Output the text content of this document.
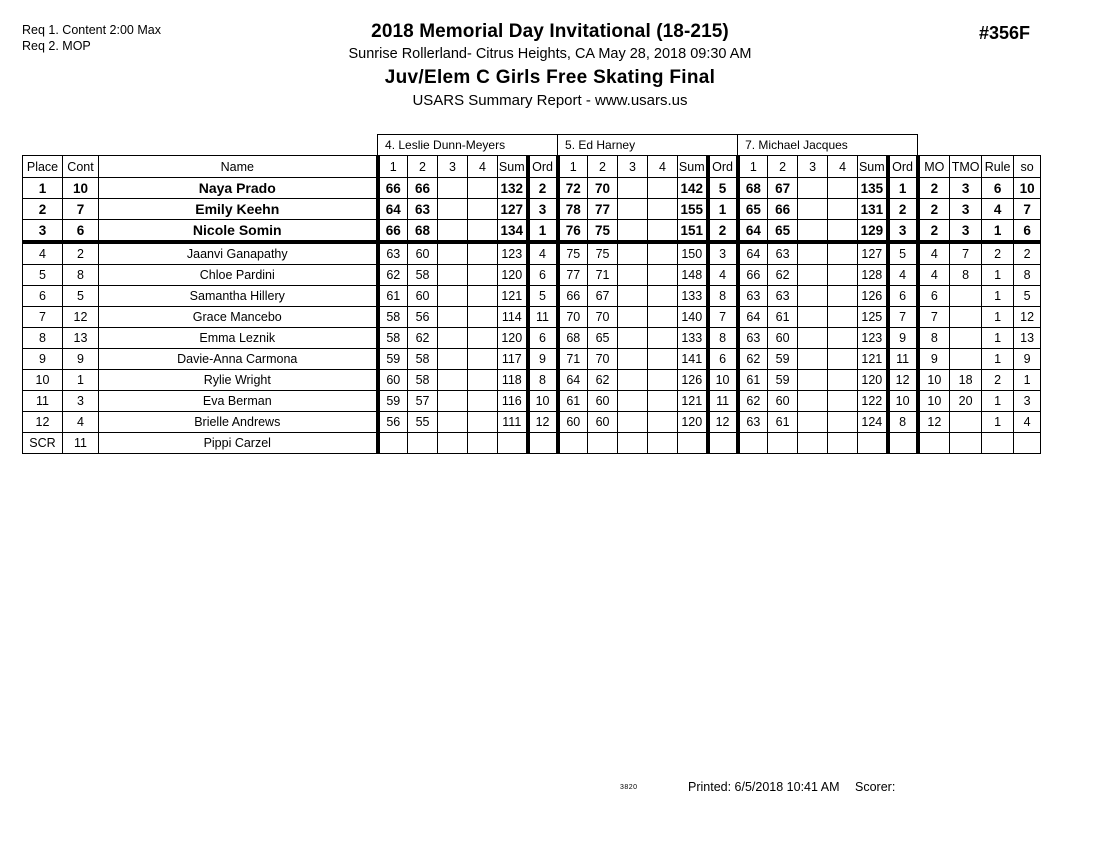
Req 1. Content 2:00 Max
Req 2. MOP
2018 Memorial Day Invitational (18-215)
Sunrise Rollerland- Citrus Heights, CA May 28, 2018 09:30 AM
Juv/Elem C Girls Free Skating Final
USARS Summary Report - www.usars.us
#356F
			4. Leslie Dunn-Meyers						5. Ed Harney						7. Michael Jacques									
Place	Cont	Name	1	2	3	4	Sum	Ord	1	2	3	4	Sum	Ord	1	2	3	4	Sum	Ord	MO	TMO	Rule	so
1	10	Naya Prado	66	66			132	2	72	70			142	5	68	67			135	1	2	3	6	10
2	7	Emily Keehn	64	63			127	3	78	77			155	1	65	66			131	2	2	3	4	7
3	6	Nicole Somin	66	68			134	1	76	75			151	2	64	65			129	3	2	3	1	6
4	2	Jaanvi Ganapathy	63	60			123	4	75	75			150	3	64	63			127	5	4	7	2	2
5	8	Chloe Pardini	62	58			120	6	77	71			148	4	66	62			128	4	4	8	1	8
6	5	Samantha Hillery	61	60			121	5	66	67			133	8	63	63			126	6	6		1	5
7	12	Grace Mancebo	58	56			114	11	70	70			140	7	64	61			125	7	7		1	12
8	13	Emma Leznik	58	62			120	6	68	65			133	8	63	60			123	9	8		1	13
9	9	Davie-Anna Carmona	59	58			117	9	71	70			141	6	62	59			121	11	9		1	9
10	1	Rylie Wright	60	58			118	8	64	62			126	10	61	59			120	12	10	18	2	1
11	3	Eva Berman	59	57			116	10	61	60			121	11	62	60			122	10	10	20	1	3
12	4	Brielle Andrews	56	55			111	12	60	60			120	12	63	61			124	8	12		1	4
SCR	11	Pippi Carzel																						
3820	Printed: 6/5/2018 10:41 AM Scorer:
